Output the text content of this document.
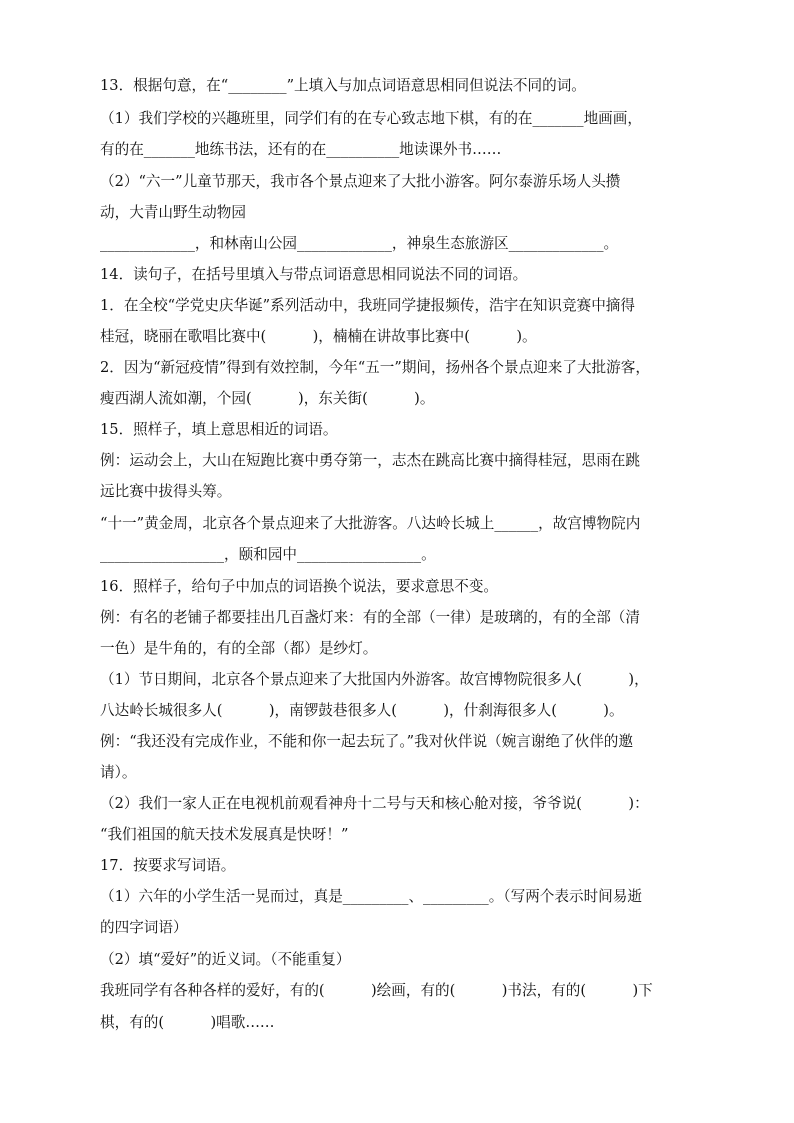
13．根据句意，在“________”上填入与加点词语意思相同但说法不同的词。
（1）我们学校的兴趣班里，同学们有的在专心致志地下棋，有的在_______地画画，
有的在_______地练书法，还有的在__________地读课外书……
（2）“六一”儿童节那天，我市各个景点迎来了大批小游客。阿尔泰游乐场人头攒
动，大青山野生动物园
_____________，和林南山公园_____________，神泉生态旅游区_____________。
14．读句子，在括号里填入与带点词语意思相同说法不同的词语。
1．在全校“学党史庆华诞”系列活动中，我班同学捷报频传，浩宇在知识竞赛中摘得
桂冠，晓丽在歌唱比赛中(          )，楠楠在讲故事比赛中(          )。
2．因为“新冠疫情”得到有效控制，今年“五一”期间，扬州各个景点迎来了大批游客，
瘦西湖人流如潮，个园(          )，东关街(          )。
15．照样子，填上意思相近的词语。
例：运动会上，大山在短跑比赛中勇夺第一，志杰在跳高比赛中摘得桂冠，思雨在跳
远比赛中拔得头筹。
“十一”黄金周，北京各个景点迎来了大批游客。八达岭长城上______，故宫博物院内
_________________，颐和园中_________________。
16．照样子，给句子中加点的词语换个说法，要求意思不变。
例：有名的老铺子都要挂出几百盏灯来：有的全部（一律）是玻璃的，有的全部（清
一色）是牛角的，有的全部（都）是纱灯。
（1）节日期间，北京各个景点迎来了大批国内外游客。故宫博物院很多人(          )，
八达岭长城很多人(          )，南锣鼓巷很多人(          )，什刹海很多人(          )。
例：“我还没有完成作业，不能和你一起去玩了。”我对伙伴说（婉言谢绝了伙伴的邀
请）。
（2）我们一家人正在电视机前观看神舟十二号与天和核心舱对接，爷爷说(          )：
“我们祖国的航天技术发展真是快呀！”
17．按要求写词语。
（1）六年的小学生活一晃而过，真是_________、_________。（写两个表示时间易逝
的四字词语）
（2）填“爱好”的近义词。（不能重复）
我班同学有各种各样的爱好，有的(          )绘画，有的(          )书法，有的(          )下
棋，有的(          )唱歌……
